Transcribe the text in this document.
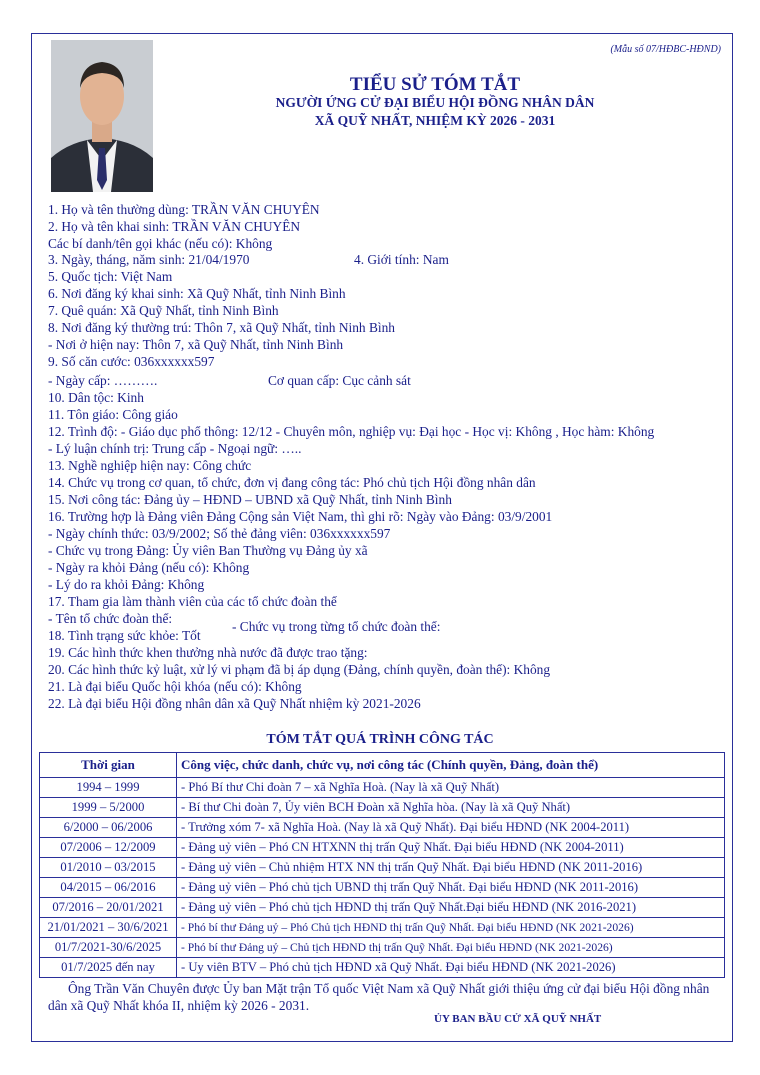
(Mẫu số 07/HĐBC-HĐND)
TIỂU SỬ TÓM TẮT
NGƯỜI ỨNG CỬ ĐẠI BIỂU HỘI ĐỒNG NHÂN DÂN
XÃ QUỸ NHẤT, NHIỆM KỲ 2026 - 2031
1. Họ và tên thường dùng: TRẦN VĂN CHUYÊN
2. Họ và tên khai sinh: TRẦN VĂN CHUYÊN
Các bí danh/tên gọi khác (nếu có): Không
3. Ngày, tháng, năm sinh: 21/04/1970
5. Quốc tịch: Việt Nam
6. Nơi đăng ký khai sinh: Xã Quỹ Nhất, tỉnh Ninh Bình
7. Quê quán: Xã Quỹ Nhất, tỉnh Ninh Bình
8. Nơi đăng ký thường trú: Thôn 7, xã Quỹ Nhất, tỉnh Ninh Bình
- Nơi ở hiện nay: Thôn 7, xã Quỹ Nhất, tỉnh Ninh Bình
9. Số căn cước: 036xxxxxx597
- Ngày cấp: ……….
10. Dân tộc: Kinh
11. Tôn giáo: Công giáo
12. Trình độ: - Giáo dục phổ thông: 12/12 - Chuyên môn, nghiệp vụ: Đại học - Học vị: Không , Học hàm: Không
- Lý luận chính trị: Trung cấp - Ngoại ngữ: …..
13. Nghề nghiệp hiện nay: Công chức
14. Chức vụ trong cơ quan, tổ chức, đơn vị đang công tác: Phó chủ tịch Hội đồng nhân dân
15. Nơi công tác: Đảng ủy – HĐND – UBND xã Quỹ Nhất, tỉnh Ninh Bình
16. Trường hợp là Đảng viên Đảng Cộng sản Việt Nam, thì ghi rõ: Ngày vào Đảng: 03/9/2001
- Ngày chính thức: 03/9/2002; Số thẻ đảng viên: 036xxxxxx597
- Chức vụ trong Đảng: Ủy viên Ban Thường vụ Đảng ủy xã
- Ngày ra khỏi Đảng (nếu có): Không
- Lý do ra khỏi Đảng: Không
17. Tham gia làm thành viên của các tổ chức đoàn thể
- Tên tổ chức đoàn thể:
18. Tình trạng sức khỏe: Tốt
19. Các hình thức khen thưởng nhà nước đã được trao tặng:
20. Các hình thức kỷ luật, xử lý vi phạm đã bị áp dụng (Đảng, chính quyền, đoàn thể): Không
21. Là đại biểu Quốc hội khóa (nếu có): Không
22. Là đại biểu Hội đồng nhân dân xã Quỹ Nhất nhiệm kỳ 2021-2026
4. Giới tính: Nam
Cơ quan cấp: Cục cảnh sát
- Chức vụ trong từng tổ chức đoàn thể:
TÓM TẮT QUÁ TRÌNH CÔNG TÁC
Thời gian	Công việc, chức danh, chức vụ, nơi công tác (Chính quyền, Đảng, đoàn thể)
1994 – 1999	- Phó Bí thư Chi đoàn 7 – xã Nghĩa Hoà. (Nay là xã Quỹ Nhất)
1999 – 5/2000	- Bí thư Chi đoàn 7, Ủy viên BCH Đoàn xã Nghĩa hòa. (Nay là xã Quỹ Nhất)
6/2000 – 06/2006	- Trưởng xóm 7- xã Nghĩa Hoà. (Nay là xã Quỹ Nhất). Đại biểu HĐND (NK 2004-2011)
07/2006 – 12/2009	- Đảng uỷ viên – Phó CN HTXNN thị trấn Quỹ Nhất. Đại biểu HĐND (NK 2004-2011)
01/2010 – 03/2015	- Đảng uỷ viên – Chủ nhiệm HTX NN thị trấn Quỹ Nhất. Đại biểu HĐND (NK 2011-2016)
04/2015 – 06/2016	- Đảng uỷ viên – Phó chủ tịch UBND thị trấn Quỹ Nhất. Đại biểu HĐND (NK 2011-2016)
07/2016 – 20/01/2021	- Đảng uỷ viên – Phó chủ tịch HĐND thị trấn Quỹ Nhất.Đại biểu HĐND (NK 2016-2021)
21/01/2021 – 30/6/2021	- Phó bí thư Đảng uỷ – Phó Chủ tịch HĐND thị trấn Quỹ Nhất. Đại biểu HĐND (NK 2021-2026)
01/7/2021-30/6/2025	- Phó bí thư Đảng uỷ – Chủ tịch HĐND thị trấn Quỹ Nhất. Đại biểu HĐND (NK 2021-2026)
01/7/2025 đến nay	- Uy viên BTV – Phó chủ tịch HĐND xã Quỹ Nhất. Đại biểu HĐND (NK 2021-2026)
Ông Trần Văn Chuyên được Ủy ban Mặt trận Tổ quốc Việt Nam xã Quỹ Nhất giới thiệu ứng cử đại biểu Hội đồng nhân dân xã Quỹ Nhất khóa II, nhiệm kỳ 2026 - 2031.
ỦY BAN BẦU CỬ XÃ QUỸ NHẤT
